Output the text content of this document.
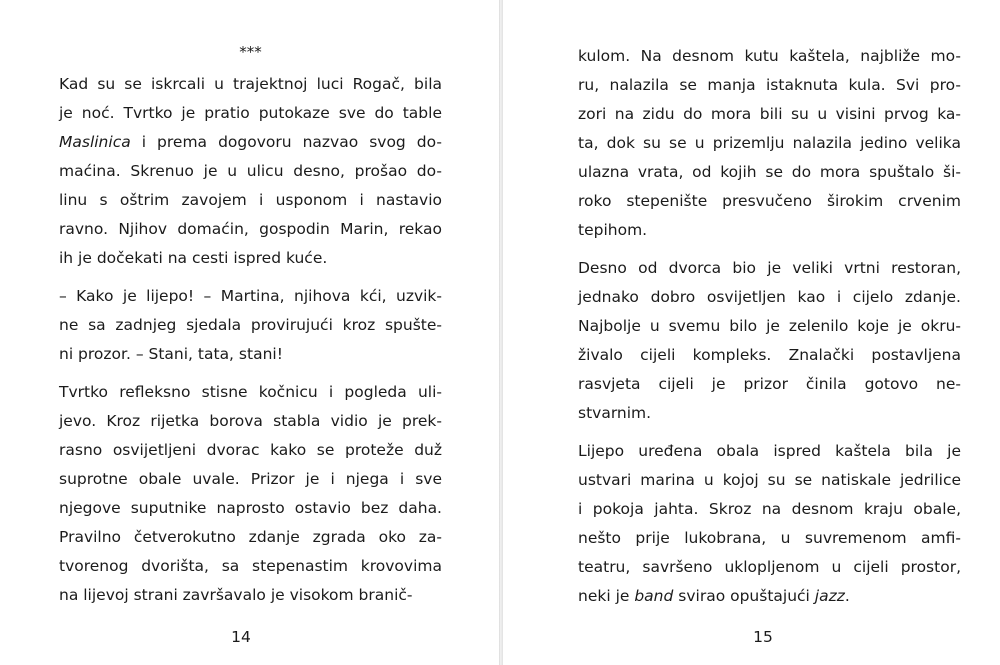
***

Kad su se iskrcali u trajektnoj luci Rogač, bila
je noć. Tvrtko je pratio putokaze sve do table
Maslinica i prema dogovoru nazvao svog do-
maćina. Skrenuo je u ulicu desno, prošao do-
linu s oštrim zavojem i usponom i nastavio
ravno. Njihov domaćin, gospodin Marin, rekao
ih je dočekati na cesti ispred kuće.

– Kako je lijepo! – Martina, njihova kći, uzvik-
ne sa zadnjeg sjedala provirujući kroz spušte-
ni prozor. – Stani, tata, stani!

Tvrtko refleksno stisne kočnicu i pogleda uli-
jevo. Kroz rijetka borova stabla vidio je prek-
rasno osvijetljeni dvorac kako se proteže duž
suprotne obale uvale. Prizor je i njega i sve
njegove suputnike naprosto ostavio bez daha.
Pravilno četverokutno zdanje zgrada oko za-
tvorenog dvorišta, sa stepenastim krovovima
na lijevoj strani završavalo je visokom branič-

14

kulom. Na desnom kutu kaštela, najbliže mo-
ru, nalazila se manja istaknuta kula. Svi pro-
zori na zidu do mora bili su u visini prvog ka-
ta, dok su se u prizemlju nalazila jedino velika
ulazna vrata, od kojih se do mora spuštalo ši-
roko stepenište presvučeno širokim crvenim
tepihom.

Desno od dvorca bio je veliki vrtni restoran,
jednako dobro osvijetljen kao i cijelo zdanje.
Najbolje u svemu bilo je zelenilo koje je okru-
živalo cijeli kompleks. Znalački postavljena
rasvjeta cijeli je prizor činila gotovo ne-
stvarnim.

Lijepo uređena obala ispred kaštela bila je
ustvari marina u kojoj su se natiskale jedrilice
i pokoja jahta. Skroz na desnom kraju obale,
nešto prije lukobrana, u suvremenom amfi-
teatru, savršeno uklopljenom u cijeli prostor,
neki je band svirao opuštajući jazz.

15
